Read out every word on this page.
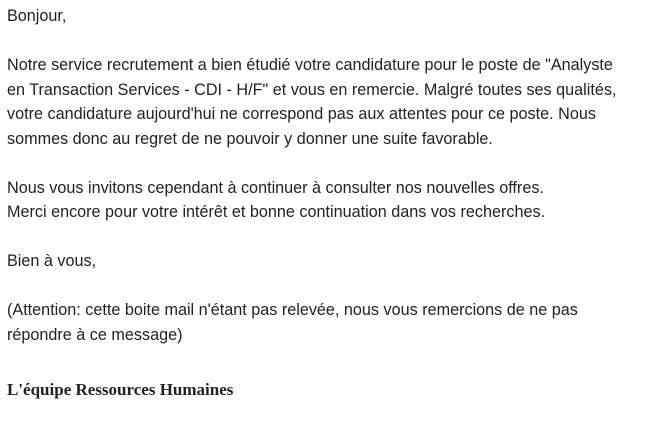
Bonjour,
Notre service recrutement a bien étudié votre candidature pour le poste de "Analyste
en Transaction Services - CDI - H/F" et vous en remercie. Malgré toutes ses qualités,
votre candidature aujourd'hui ne correspond pas aux attentes pour ce poste. Nous
sommes donc au regret de ne pouvoir y donner une suite favorable.
Nous vous invitons cependant à continuer à consulter nos nouvelles offres.
Merci encore pour votre intérêt et bonne continuation dans vos recherches.
Bien à vous,
(Attention: cette boite mail n'étant pas relevée, nous vous remercions de ne pas
répondre à ce message)
L'équipe Ressources Humaines
